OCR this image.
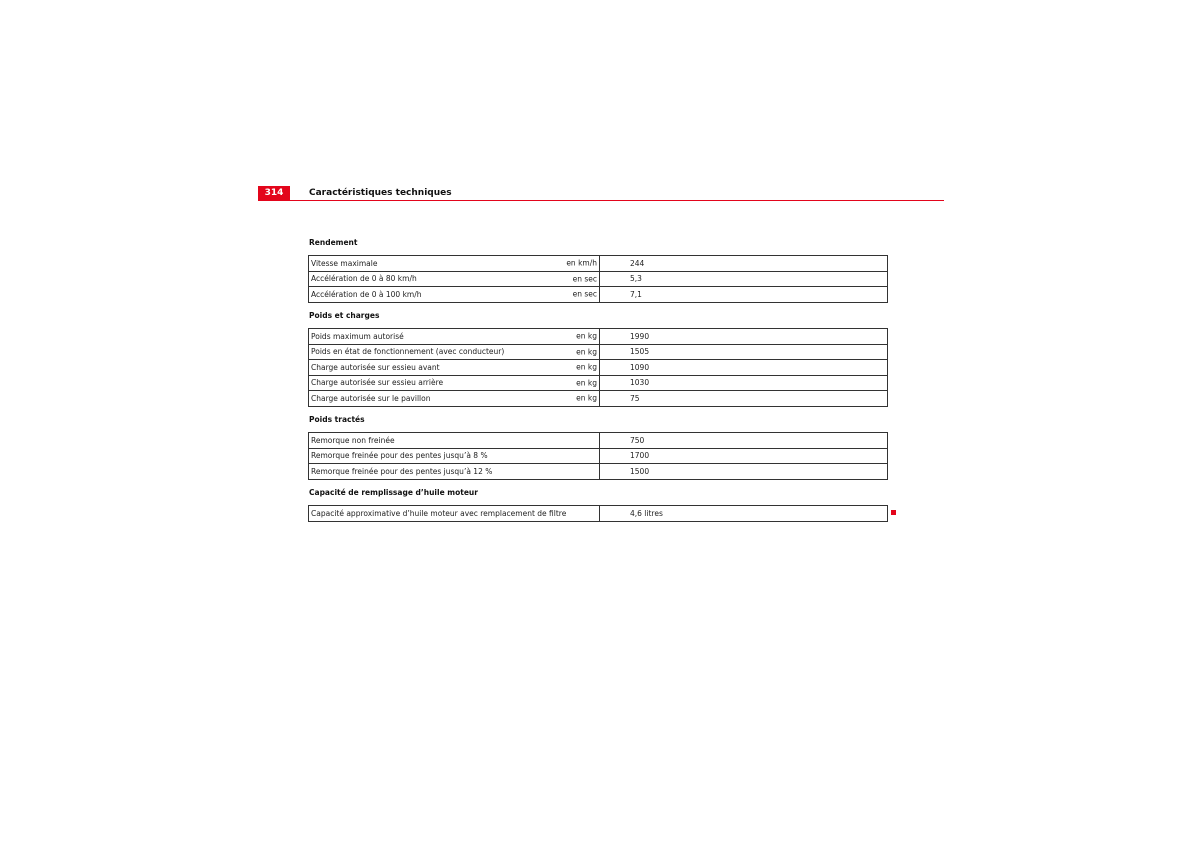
314	Caractéristiques techniques
Rendement
Vitesse maximale en km/h	244
Accélération de 0 à 80 km/h en sec	5,3
Accélération de 0 à 100 km/h en sec	7,1
Poids et charges
Poids maximum autorisé en kg	1990
Poids en état de fonctionnement (avec conducteur) en kg	1505
Charge autorisée sur essieu avant en kg	1090
Charge autorisée sur essieu arrière en kg	1030
Charge autorisée sur le pavillon en kg	75
Poids tractés
Remorque non freinée	750
Remorque freinée pour des pentes jusqu’à 8 %	1700
Remorque freinée pour des pentes jusqu’à 12 %	1500
Capacité de remplissage d’huile moteur
Capacité approximative d’huile moteur avec remplacement de filtre	4,6 litres
